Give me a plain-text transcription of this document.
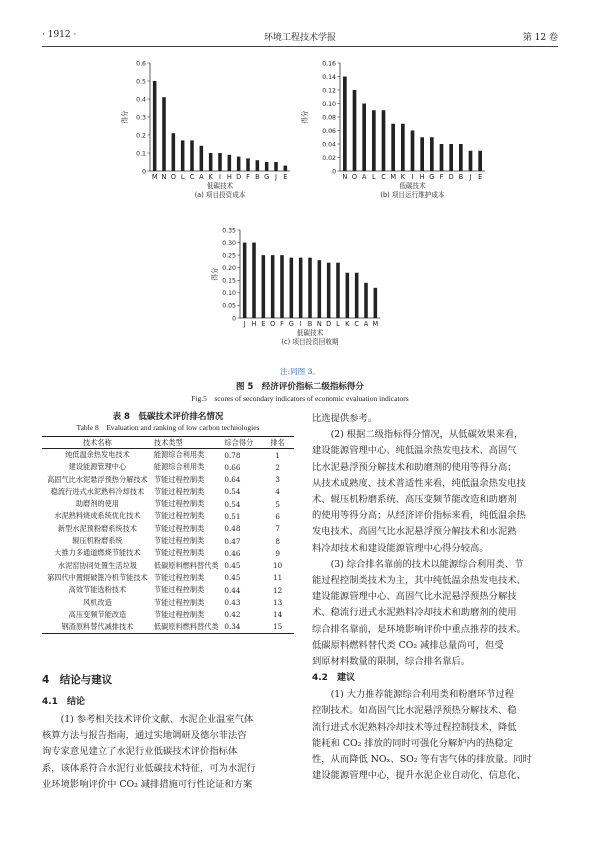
· 1912 ·	环境工程技术学报	第 12 卷
0
0.1
0.2
0.3
0.4
0.5
0.6
M N O L C A K I H D F B G J E
得分
低碳技术
(a) 项目投资成本
0
0.02
0.04
0.06
0.08
0.10
0.12
0.14
0.16
N O A L C M K I H G F D B J E
得分
低碳技术
(b) 项目运行维护成本
0
0.05
0.10
0.15
0.20
0.25
0.30
0.35
J H E O F G I B N D L K C A M
得分
低碳技术
(c) 项目投资回收期
注:同图 3。
图 5　经济评价指标二级指标得分
Fig.5　scores of secondary indicators of economic evaluation indicators
表 8　低碳技术评价排名情况
Table 8　Evaluation and ranking of low carbon technologies
技术名称	技术类型	综合得分	排名
纯低温余热发电技术	能源综合利用类	0.78	1
建设能源管理中心	能源综合利用类	0.66	2
高固气比水泥悬浮预热分解技术	节能过程控制类	0.64	3
稳流行进式水泥熟料冷却技术	节能过程控制类	0.54	4
助磨剂的使用	节能过程控制类	0.54	5
水泥熟料烧成系统优化技术	节能过程控制类	0.51	6
新型水泥预粉磨系统技术	节能过程控制类	0.48	7
辊压机粉磨系统	节能过程控制类	0.47	8
大推力多通道燃烧节能技术	节能过程控制类	0.46	9
水泥窑协同处置生活垃圾	低碳原料燃料替代类	0.45	10
第四代中置辊破篦冷机节能技术	节能过程控制类	0.45	11
高效节能选粉技术	节能过程控制类	0.44	12
风机改造	节能过程控制类	0.43	13
高压变频节能改造	节能过程控制类	0.42	14
钢渣原料替代减排技术	低碳原料燃料替代类	0.34	15
4　结论与建议
4.1　结论
　　(1) 参考相关技术评价文献、水泥企业温室气体
核算方法与报告指南，通过实地调研及德尔菲法咨
询专家意见建立了水泥行业低碳技术评价指标体
系，该体系符合水泥行业低碳技术特征，可为水泥行
业环境影响评价中 CO₂ 减排措施可行性论证和方案
比选提供参考。
　　(2) 根据二级指标得分情况，从低碳效果来看，
建设能源管理中心、纯低温余热发电技术、高固气
比水泥悬浮预分解技术和助磨剂的使用等得分高；
从技术成熟度、技术普适性来看，纯低温余热发电技
术、辊压机粉磨系统、高压变频节能改造和助磨剂
的使用等得分高；从经济评价指标来看，纯低温余热
发电技术、高固气比水泥悬浮预分解技术和水泥熟
料冷却技术和建设能源管理中心得分较高。
　　(3) 综合排名靠前的技术以能源综合利用类、节
能过程控制类技术为主，其中纯低温余热发电技术、
建设能源管理中心、高固气比水泥悬浮预热分解技
术、稳流行进式水泥熟料冷却技术和助磨剂的使用
综合排名靠前，是环境影响评价中重点推荐的技术。
低碳原料燃料替代类 CO₂ 减排总量尚可，但受
到原材料数量的限制，综合排名靠后。
4.2　建议
　　(1) 大力推荐能源综合利用类和粉磨环节过程
控制技术。如高固气比水泥悬浮预热分解技术、稳
流行进式水泥熟料冷却技术等过程控制技术，降低
能耗和 CO₂ 排放的同时可强化分解炉内的热稳定
性，从而降低 NOₓ、SO₂ 等有害气体的排放量。同时
建设能源管理中心，提升水泥企业自动化、信息化、
